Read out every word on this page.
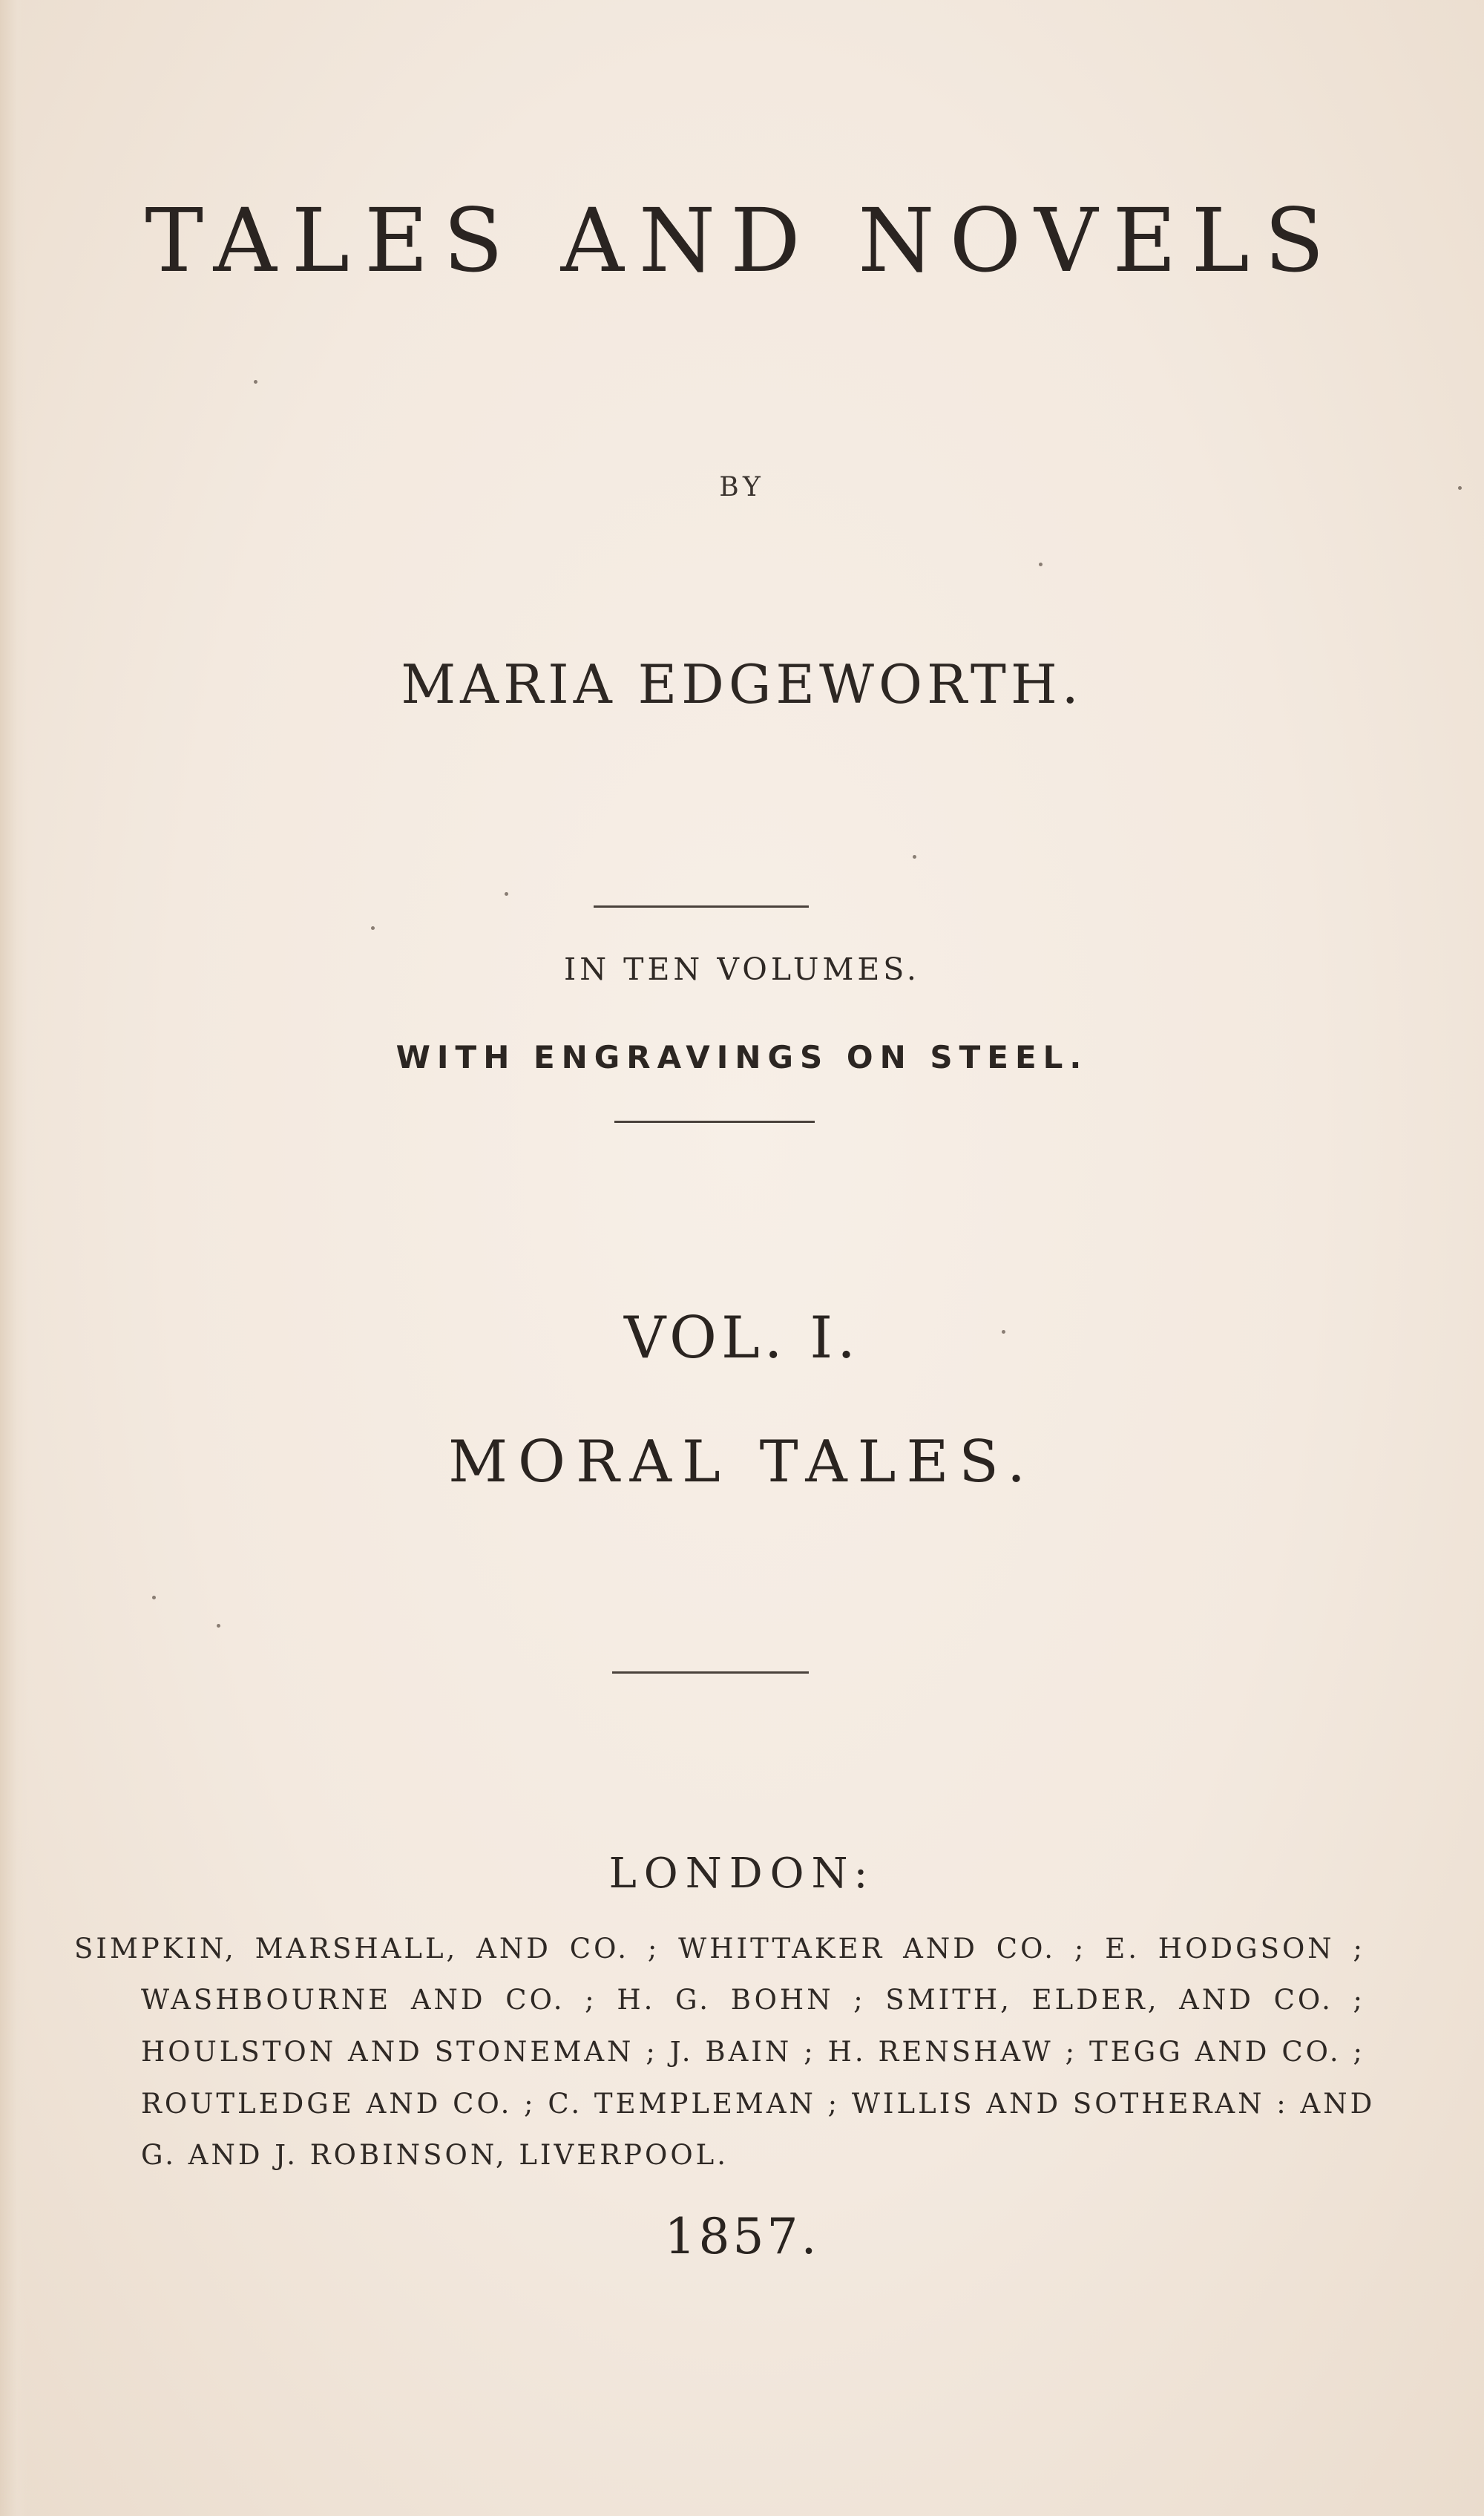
TALES AND NOVELS
BY
MARIA EDGEWORTH.
IN TEN VOLUMES.
WITH ENGRAVINGS ON STEEL.
VOL. I.
MORAL TALES.
LONDON:
SIMPKIN, MARSHALL, AND CO. ; WHITTAKER AND CO. ; E. HODGSON ;
WASHBOURNE AND CO. ; H. G. BOHN ; SMITH, ELDER, AND CO. ;
HOULSTON AND STONEMAN ; J. BAIN ; H. RENSHAW ; TEGG AND CO. ;
ROUTLEDGE AND CO. ; C. TEMPLEMAN ; WILLIS AND SOTHERAN : AND
G. AND J. ROBINSON, LIVERPOOL.
1857.
